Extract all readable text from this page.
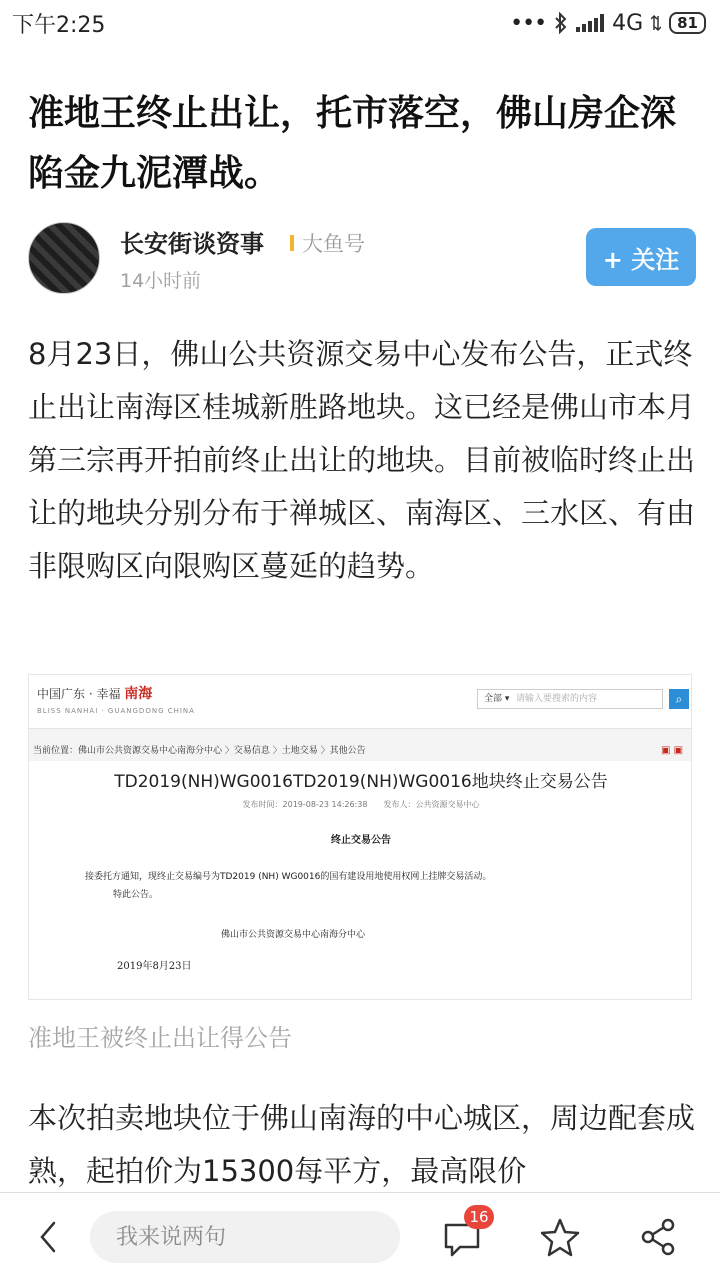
下午2:25	•••	4G	81
准地王终止出让，托市落空，佛山房企深陷金九泥潭战。
长安街谈资事 大鱼号
14小时前
+ 关注

8月23日，佛山公共资源交易中心发布公告，正式终止出让南海区桂城新胜路地块。这已经是佛山市本月第三宗再开拍前终止出让的地块。目前被临时终止出让的地块分别分布于禅城区、南海区、三水区、有由非限购区向限购区蔓延的趋势。

中国广东 · 幸福 南海
BLISS NANHAI · GUANGDONG CHINA
全部 ▾ 请输入要搜索的内容	⌕
当前位置：佛山市公共资源交易中心南海分中心 〉交易信息 〉土地交易 〉其他公告	▣ ▣
TD2019(NH)WG0016TD2019(NH)WG0016地块终止交易公告
发布时间：2019-08-23 14:26:38　　发布人：公共资源交易中心
终止交易公告
接委托方通知，现终止交易编号为TD2019 (NH) WG0016的国有建设用地使用权网上挂牌交易活动。
特此公告。
佛山市公共资源交易中心南海分中心
2019年8月23日
准地王被终止出让得公告

本次拍卖地块位于佛山南海的中心城区，周边配套成熟，起拍价为15300每平方，最高限价

我来说两句
16
